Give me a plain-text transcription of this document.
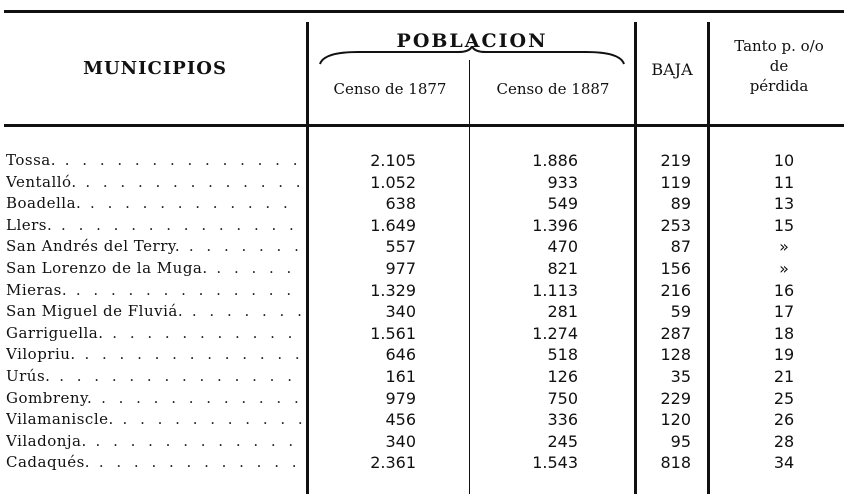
MUNICIPIOS
POBLACION
Censo de 1877	Censo de 1887
BAJA
Tanto p. o/o
de
pérdida
Tossa. . . .	2.105	1.886	219	10
Ventalló. . . .	1.052	933	119	11
Boadella. . . .	638	549	89	13
Llers. . . .	1.649	1.396	253	15
San Andrés del Terry. . . .	557	470	87	»
San Lorenzo de la Muga. . . .	977	821	156	»
Mieras. . . .	1.329	1.113	216	16
San Miguel de Fluviá. . . .	340	281	59	17
Garriguella. . . .	1.561	1.274	287	18
Vilopriu. . . .	646	518	128	19
Urús. . . .	161	126	35	21
Gombreny. . . .	979	750	229	25
Vilamaniscle. . . .	456	336	120	26
Viladonja. . . .	340	245	95	28
Cadaqués. . . .	2.361	1.543	818	34
